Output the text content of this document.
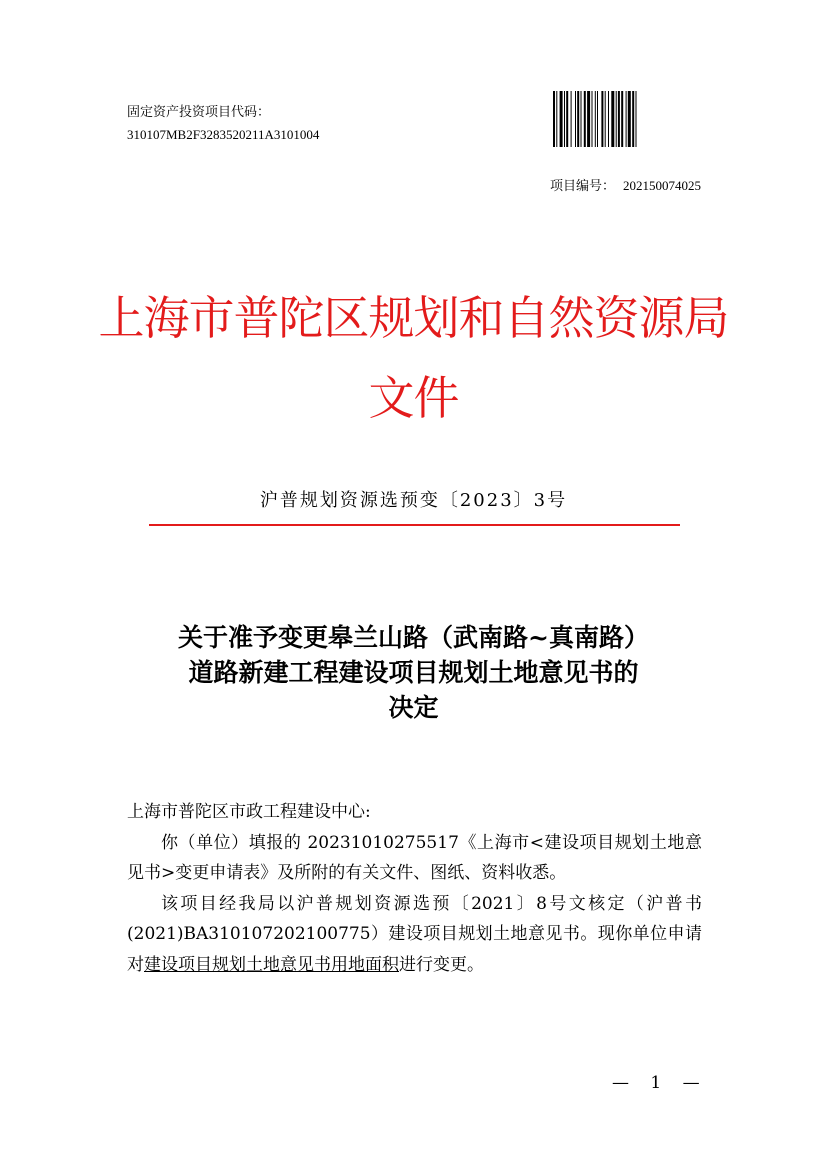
固定资产投资项目代码：
310107MB2F3283520211A3101004
项目编号： 202150074025
上海市普陀区规划和自然资源局
文件
沪普规划资源选预变〔2023〕3号
关于准予变更皋兰山路（武南路~真南路）
道路新建工程建设项目规划土地意见书的
决定

上海市普陀区市政工程建设中心:

你（单位）填报的 20231010275517《上海市<建设项目规划土地意见书>变更申请表》及所附的有关文件、图纸、资料收悉。

该项目经我局以沪普规划资源选预〔2021〕8号文核定（沪普书(2021)BA310107202100775）建设项目规划土地意见书。现你单位申请对建设项目规划土地意见书用地面积进行变更。

— 1 —
